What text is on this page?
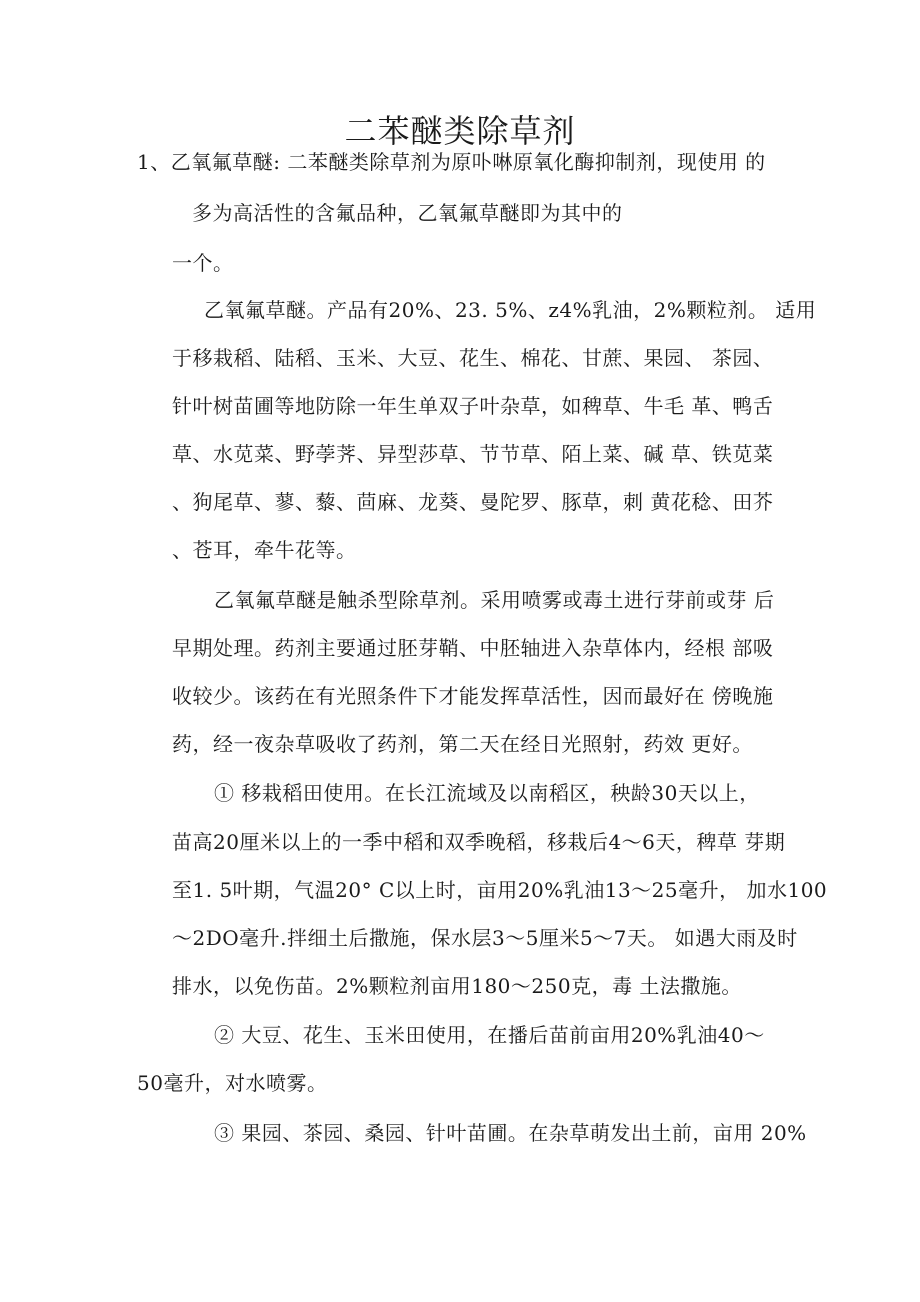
二苯醚类除草剂
1、乙氧氟草醚: 二苯醚类除草剂为原卟啉原氧化酶抑制剂，现使用 的
多为高活性的含氟品种，乙氧氟草醚即为其中的
一个。
乙氧氟草醚。产品有20%、23. 5%、z4%乳油，2%颗粒剂。 适用
于移栽稻、陆稻、玉米、大豆、花生、棉花、甘蔗、果园、 茶园、
针叶树苗圃等地防除一年生单双子叶杂草，如稗草、牛毛 革、鸭舌
草、水苋菜、野荸荠、异型莎草、节节草、陌上菜、碱 草、铁苋菜
、狗尾草、蓼、藜、茴麻、龙葵、曼陀罗、豚草，刺 黄花稔、田芥
、苍耳，牵牛花等。
乙氧氟草醚是触杀型除草剂。采用喷雾或毒土进行芽前或芽 后
早期处理。药剂主要通过胚芽鞘、中胚轴进入杂草体内，经根 部吸
收较少。该药在有光照条件下才能发挥草活性，因而最好在 傍晚施
药，经一夜杂草吸收了药剂，第二天在经日光照射，药效 更好。
① 移栽稻田使用。在长江流域及以南稻区，秧龄30天以上，
苗高20厘米以上的一季中稻和双季晚稻，移栽后4〜6天，稗草 芽期
至1. 5叶期，气温20° C以上时，亩用20%乳油13〜25毫升， 加水100
〜2DO毫升.拌细土后撒施，保水层3〜5厘米5〜7天。 如遇大雨及时
排水，以免伤苗。2%颗粒剂亩用180〜250克，毒 土法撒施。
② 大豆、花生、玉米田使用，在播后苗前亩用20%乳油40〜
50毫升，对水喷雾。
③ 果园、茶园、桑园、针叶苗圃。在杂草萌发出土前，亩用 20%
